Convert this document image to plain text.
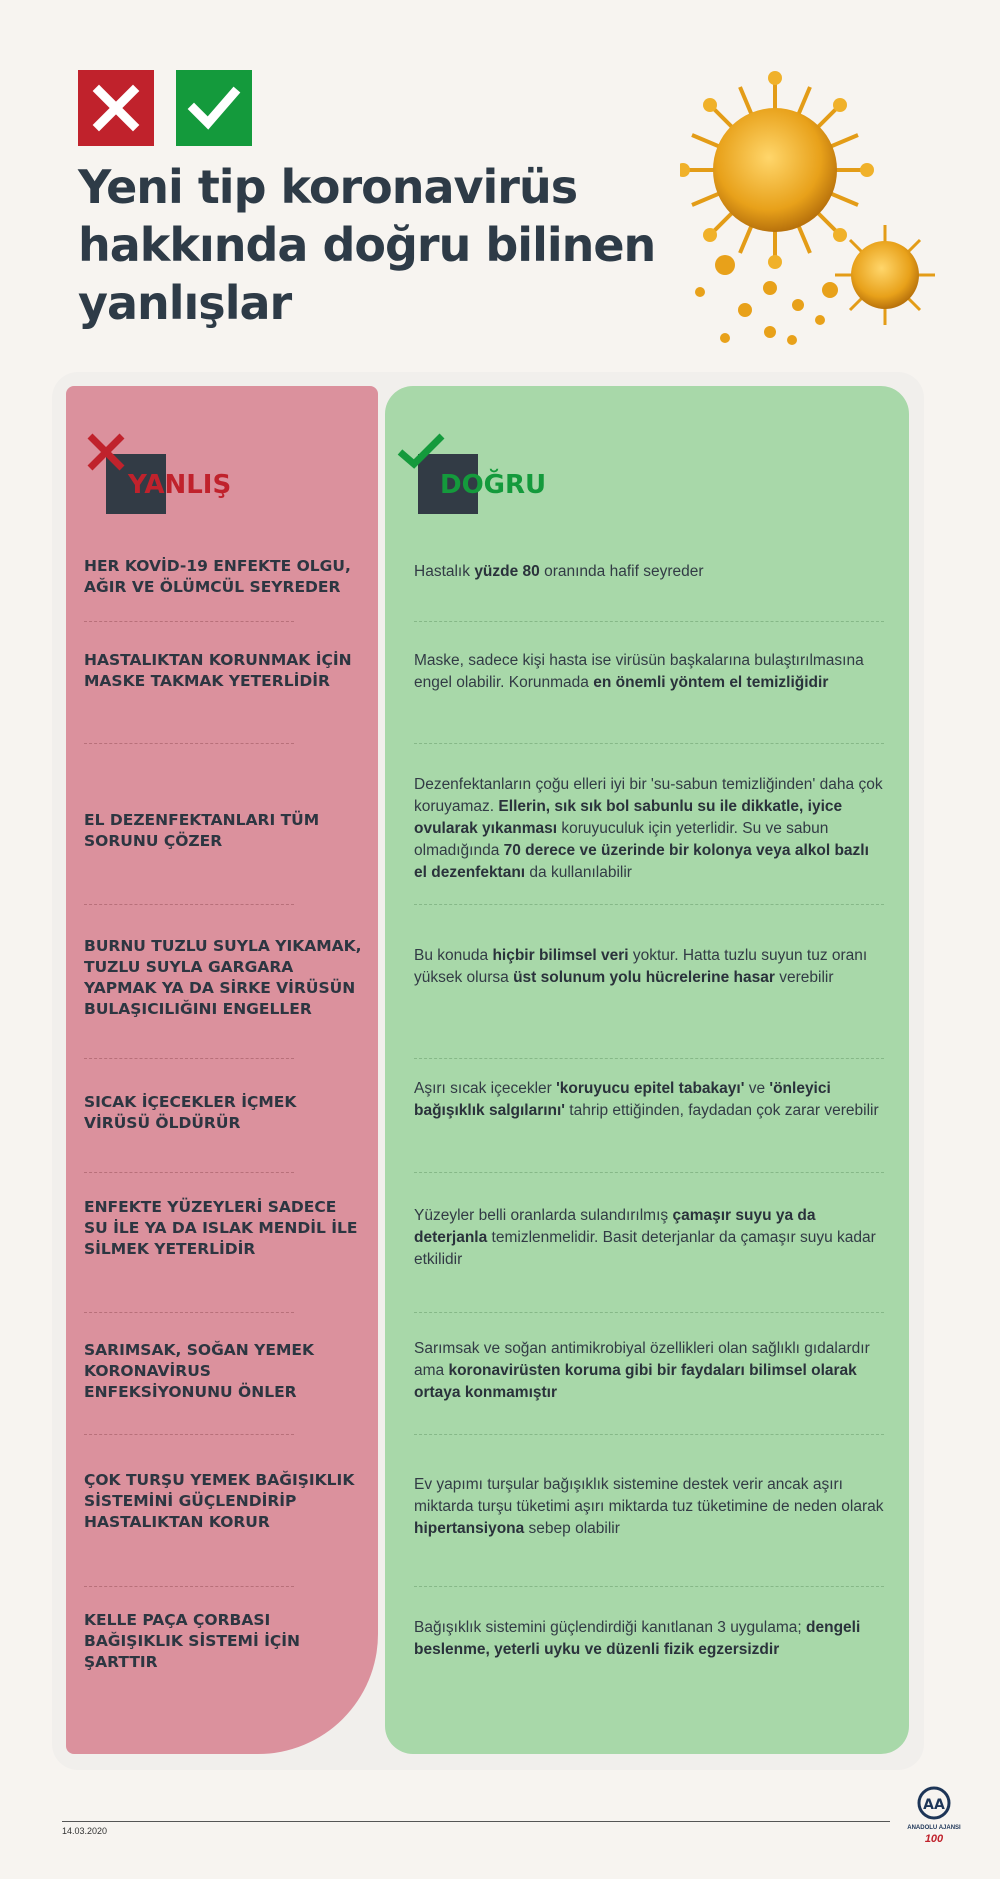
Yeni tip koronavirüs hakkında doğru bilinen yanlışlar
YANLIŞ	DOĞRU
HER KOVİD-19 ENFEKTE OLGU, AĞIR VE ÖLÜMCÜL SEYREDER
Hastalık yüzde 80 oranında hafif seyreder
HASTALIKTAN KORUNMAK İÇİN MASKE TAKMAK YETERLİDİR
Maske, sadece kişi hasta ise virüsün başkalarına bulaştırılmasına engel olabilir. Korunmada en önemli yöntem el temizliğidir
EL DEZENFEKTANLARI TÜM SORUNU ÇÖZER
Dezenfektanların çoğu elleri iyi bir 'su-sabun temizliğinden' daha çok koruyamaz. Ellerin, sık sık bol sabunlu su ile dikkatle, iyice ovularak yıkanması koruyuculuk için yeterlidir. Su ve sabun olmadığında 70 derece ve üzerinde bir kolonya veya alkol bazlı el dezenfektanı da kullanılabilir
BURNU TUZLU SUYLA YIKAMAK, TUZLU SUYLA GARGARA YAPMAK YA DA SİRKE VİRÜSÜN BULAŞICILIĞINI ENGELLER
Bu konuda hiçbir bilimsel veri yoktur. Hatta tuzlu suyun tuz oranı yüksek olursa üst solunum yolu hücrelerine hasar verebilir
SICAK İÇECEKLER İÇMEK VİRÜSÜ ÖLDÜRÜR
Aşırı sıcak içecekler 'koruyucu epitel tabakayı' ve 'önleyici bağışıklık salgılarını' tahrip ettiğinden, faydadan çok zarar verebilir
ENFEKTE YÜZEYLERİ SADECE SU İLE YA DA ISLAK MENDİL İLE SİLMEK YETERLİDİR
Yüzeyler belli oranlarda sulandırılmış çamaşır suyu ya da deterjanla temizlenmelidir. Basit deterjanlar da çamaşır suyu kadar etkilidir
SARIMSAK, SOĞAN YEMEK KORONAVİRUS ENFEKSİYONUNU ÖNLER
Sarımsak ve soğan antimikrobiyal özellikleri olan sağlıklı gıdalardır ama koronavirüsten koruma gibi bir faydaları bilimsel olarak ortaya konmamıştır
ÇOK TURŞU YEMEK BAĞIŞIKLIK SİSTEMİNİ GÜÇLENDİRİP HASTALIKTAN KORUR
Ev yapımı turşular bağışıklık sistemine destek verir ancak aşırı miktarda turşu tüketimi aşırı miktarda tuz tüketimine de neden olarak hipertansiyona sebep olabilir
KELLE PAÇA ÇORBASI BAĞIŞIKLIK SİSTEMİ İÇİN ŞARTTIR
Bağışıklık sistemini güçlendirdiği kanıtlanan 3 uygulama; dengeli beslenme, yeterli uyku ve düzenli fizik egzersizdir
14.03.2020
AA
ANADOLU AJANSI
100
